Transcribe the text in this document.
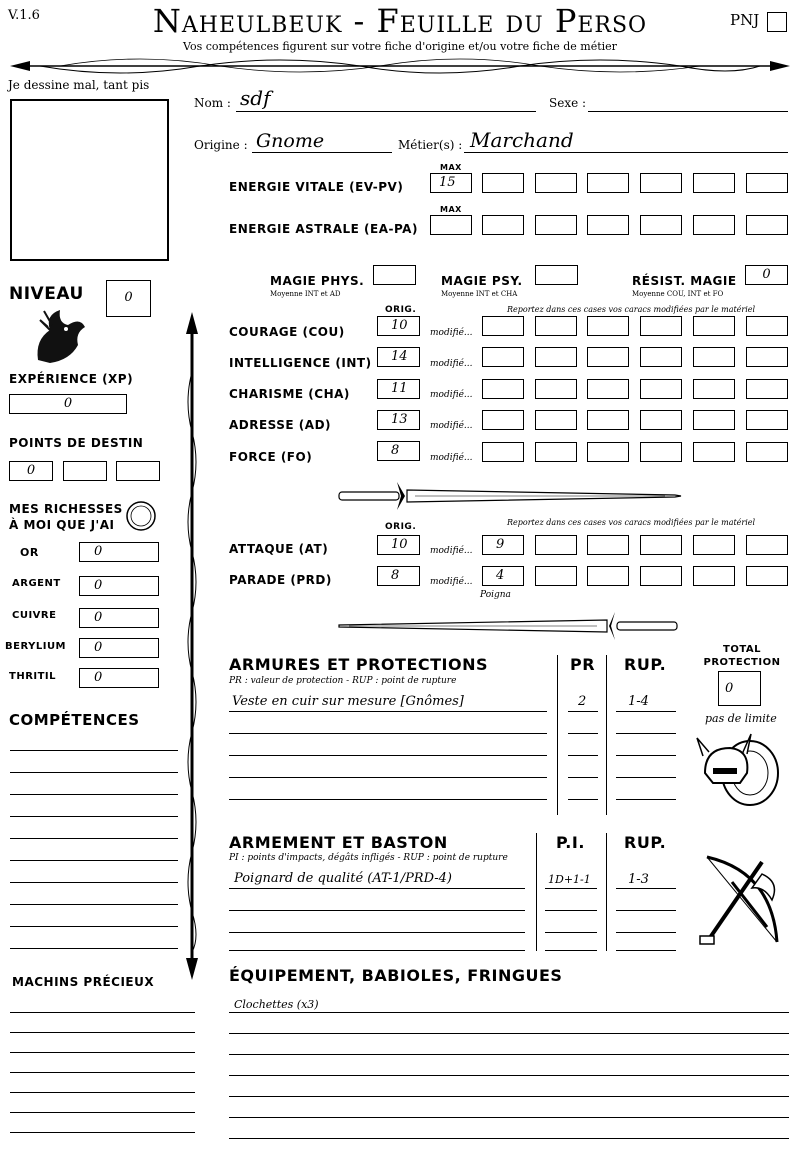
V.1.6	Naheulbeuk - Feuille du Perso
Vos compétences figurent sur votre fiche d'origine et/ou votre fiche de métier
PNJ
Je dessine mal, tant pis
NIVEAU	0
EXPÉRIENCE (XP)
0
POINTS DE DESTIN
0
MES RICHESSES
À MOI QUE J'AI
OR	0
ARGENT	0
CUIVRE	0
BERYLIUM	0
THRITIL	0
COMPÉTENCES
MACHINS PRÉCIEUX
Nom : sdf	Sexe :
Origine : Gnome	Métier(s) : Marchand
MAX
ENERGIE VITALE (EV-PV)	15
MAX
ENERGIE ASTRALE (EA-PA)
MAGIE PHYS.
Moyenne INT et AD
MAGIE PSY.
Moyenne INT et CHA
RÉSIST. MAGIE
Moyenne COU, INT et FO
0
ORIG.	Reportez dans ces cases vos caracs modifiées par le matériel
COURAGE (COU)	10	modifié...
INTELLIGENCE (INT)	14	modifié...
CHARISME (CHA)	11	modifié...
ADRESSE (AD)	13	modifié...
FORCE (FO)	8	modifié...
ORIG.	Reportez dans ces cases vos caracs modifiées par le matériel
ATTAQUE (AT)	10	modifié...	9
PARADE (PRD)	8	modifié...	4
Poigna
ARMURES ET PROTECTIONS
PR : valeur de protection - RUP : point de rupture
PR RUP.
Veste en cuir sur mesure [Gnômes]	2	1-4
TOTAL
PROTECTION
0
pas de limite
ARMEMENT ET BASTON
PI : points d'impacts, dégâts infligés - RUP : point de rupture
P.I. RUP.
Poignard de qualité (AT-1/PRD-4)	1D+1-1	1-3
ÉQUIPEMENT, BABIOLES, FRINGUES
Clochettes (x3)
